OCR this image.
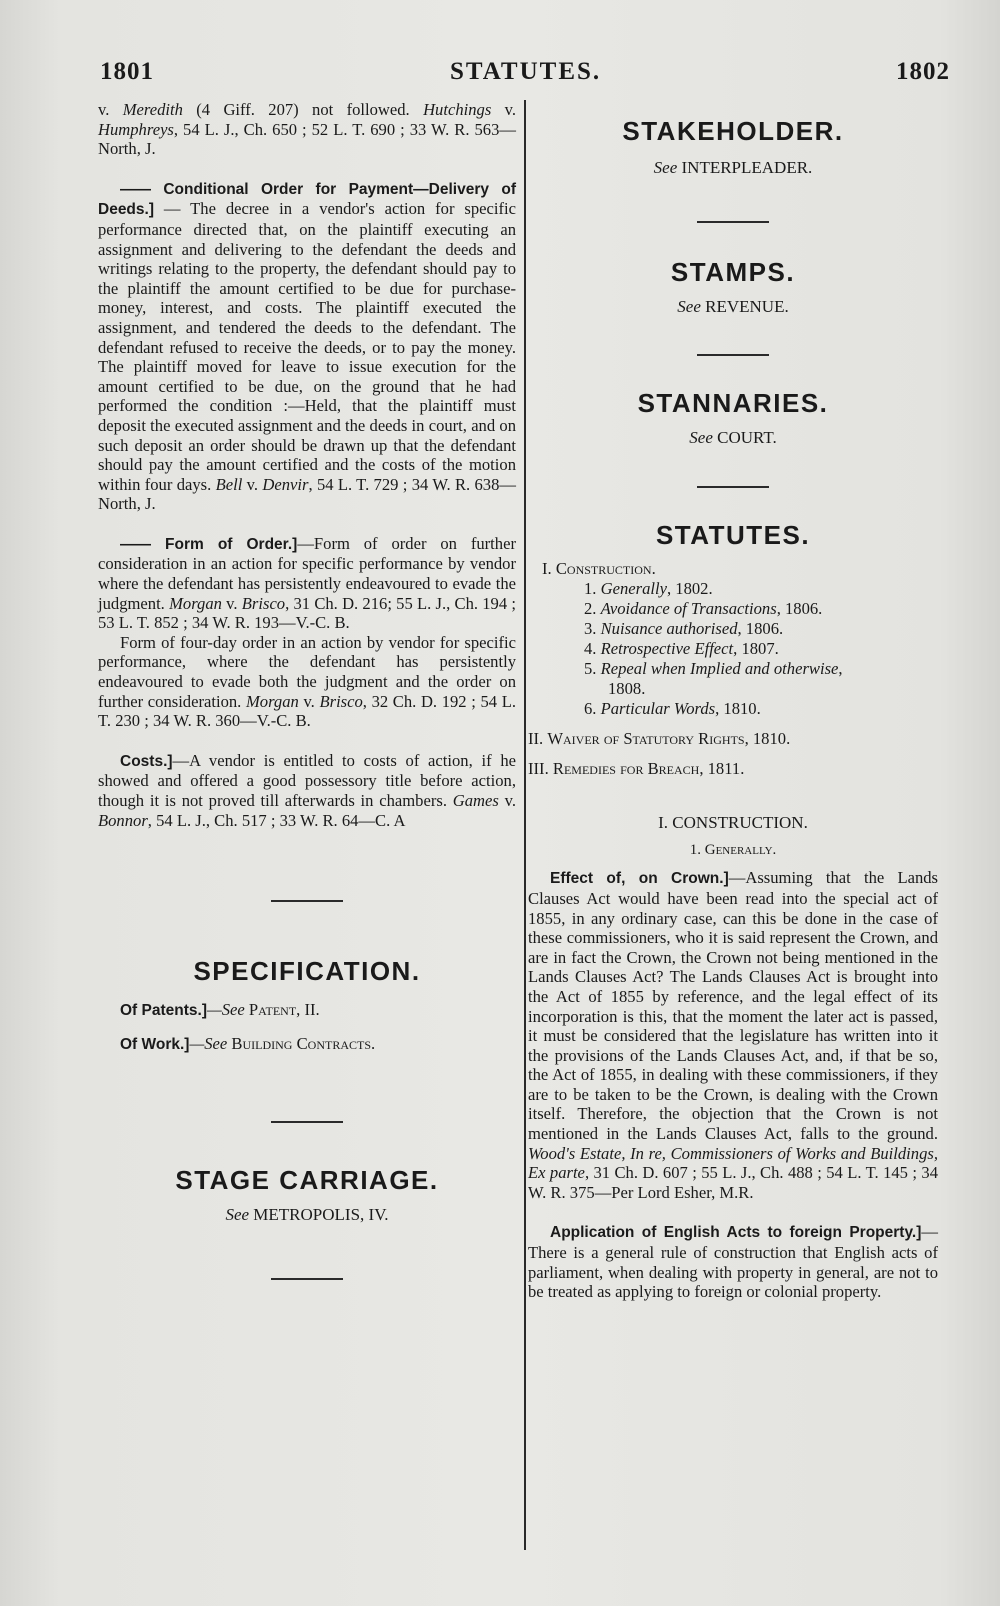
1801	STATUTES.	1802

v. Meredith (4 Giff. 207) not followed. Hutchings v. Humphreys, 54 L. J., Ch. 650 ; 52 L. T. 690 ; 33 W. R. 563—North, J.

—— Conditional Order for Payment—Delivery of Deeds.] — The decree in a vendor's action for specific performance directed that, on the plaintiff executing an assignment and delivering to the defendant the deeds and writings relating to the property, the defendant should pay to the plaintiff the amount certified to be due for purchase-money, interest, and costs. The plaintiff executed the assignment, and tendered the deeds to the defendant. The defendant refused to receive the deeds, or to pay the money. The plaintiff moved for leave to issue execution for the amount certified to be due, on the ground that he had performed the condition :—Held, that the plaintiff must deposit the executed assignment and the deeds in court, and on such deposit an order should be drawn up that the defendant should pay the amount certified and the costs of the motion within four days. Bell v. Denvir, 54 L. T. 729 ; 34 W. R. 638—North, J.

—— Form of Order.]—Form of order on further consideration in an action for specific performance by vendor where the defendant has persistently endeavoured to evade the judgment. Morgan v. Brisco, 31 Ch. D. 216; 55 L. J., Ch. 194 ; 53 L. T. 852 ; 34 W. R. 193—V.-C. B.

Form of four-day order in an action by vendor for specific performance, where the defendant has persistently endeavoured to evade both the judgment and the order on further consideration. Morgan v. Brisco, 32 Ch. D. 192 ; 54 L. T. 230 ; 34 W. R. 360—V.-C. B.

Costs.]—A vendor is entitled to costs of action, if he showed and offered a good possessory title before action, though it is not proved till afterwards in chambers. Games v. Bonnor, 54 L. J., Ch. 517 ; 33 W. R. 64—C. A

SPECIFICATION.

Of Patents.]—See Patent, II.

Of Work.]—See Building Contracts.

STAGE CARRIAGE.
See METROPOLIS, IV.
STAKEHOLDER.
See INTERPLEADER.
STAMPS.
See REVENUE.
STANNARIES.
See COURT.
STATUTES.
I. Construction.
1. Generally, 1802.
2. Avoidance of Transactions, 1806.
3. Nuisance authorised, 1806.
4. Retrospective Effect, 1807.
5. Repeal when Implied and otherwise,
1808.
6. Particular Words, 1810.
II. Waiver of Statutory Rights, 1810.
III. Remedies for Breach, 1811.
I. CONSTRUCTION.
1. Generally.

Effect of, on Crown.]—Assuming that the Lands Clauses Act would have been read into the special act of 1855, in any ordinary case, can this be done in the case of these commissioners, who it is said represent the Crown, and are in fact the Crown, the Crown not being mentioned in the Lands Clauses Act? The Lands Clauses Act is brought into the Act of 1855 by reference, and the legal effect of its incorporation is this, that the moment the later act is passed, it must be considered that the legislature has written into it the provisions of the Lands Clauses Act, and, if that be so, the Act of 1855, in dealing with these commissioners, if they are to be taken to be the Crown, is dealing with the Crown itself. Therefore, the objection that the Crown is not mentioned in the Lands Clauses Act, falls to the ground. Wood's Estate, In re, Commissioners of Works and Buildings, Ex parte, 31 Ch. D. 607 ; 55 L. J., Ch. 488 ; 54 L. T. 145 ; 34 W. R. 375—Per Lord Esher, M.R.

Application of English Acts to foreign Property.]—There is a general rule of construction that English acts of parliament, when dealing with property in general, are not to be treated as applying to foreign or colonial property.
